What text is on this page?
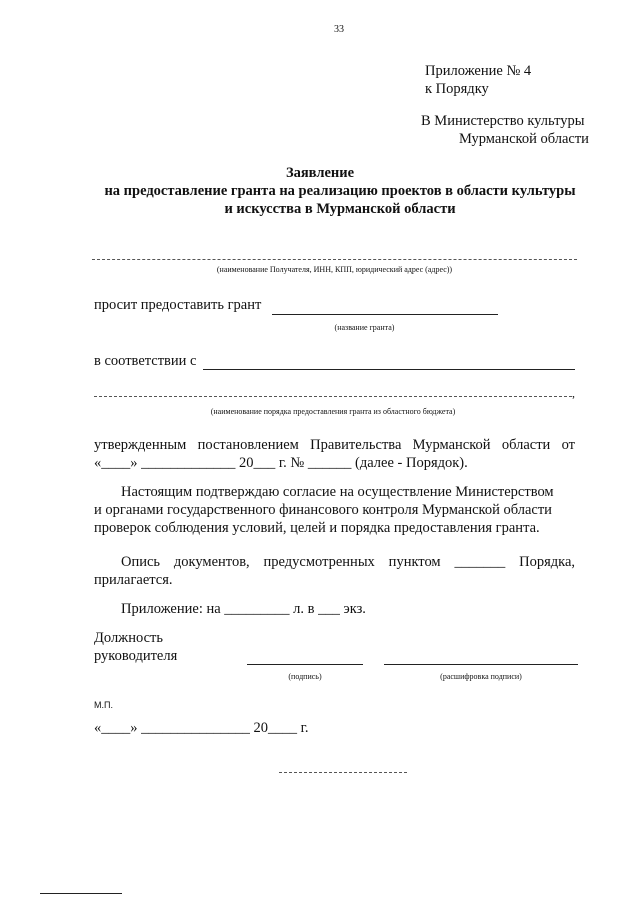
33
Приложение № 4
к Порядку
В Министерство культуры
Мурманской области
Заявление
на предоставление гранта на реализацию проектов в области культуры
и искусства в Мурманской области
(наименование Получателя, ИНН, КПП, юридический адрес (адрес))
просит предоставить грант
(название гранта)
в соответствии с
,
(наименование порядка предоставления гранта из областного бюджета)
утвержденным постановлением Правительства Мурманской области от
«____» _____________ 20___ г. № ______ (далее - Порядок).
Настоящим подтверждаю согласие на осуществление Министерством
и органами государственного финансового контроля Мурманской области
проверок соблюдения условий, целей и порядка предоставления гранта.
Опись документов, предусмотренных пунктом _______ Порядка,
прилагается.
Приложение: на _________ л. в ___ экз.
Должность
руководителя
(подпись)	(расшифровка подписи)
М.П.
«____» _______________ 20____ г.
